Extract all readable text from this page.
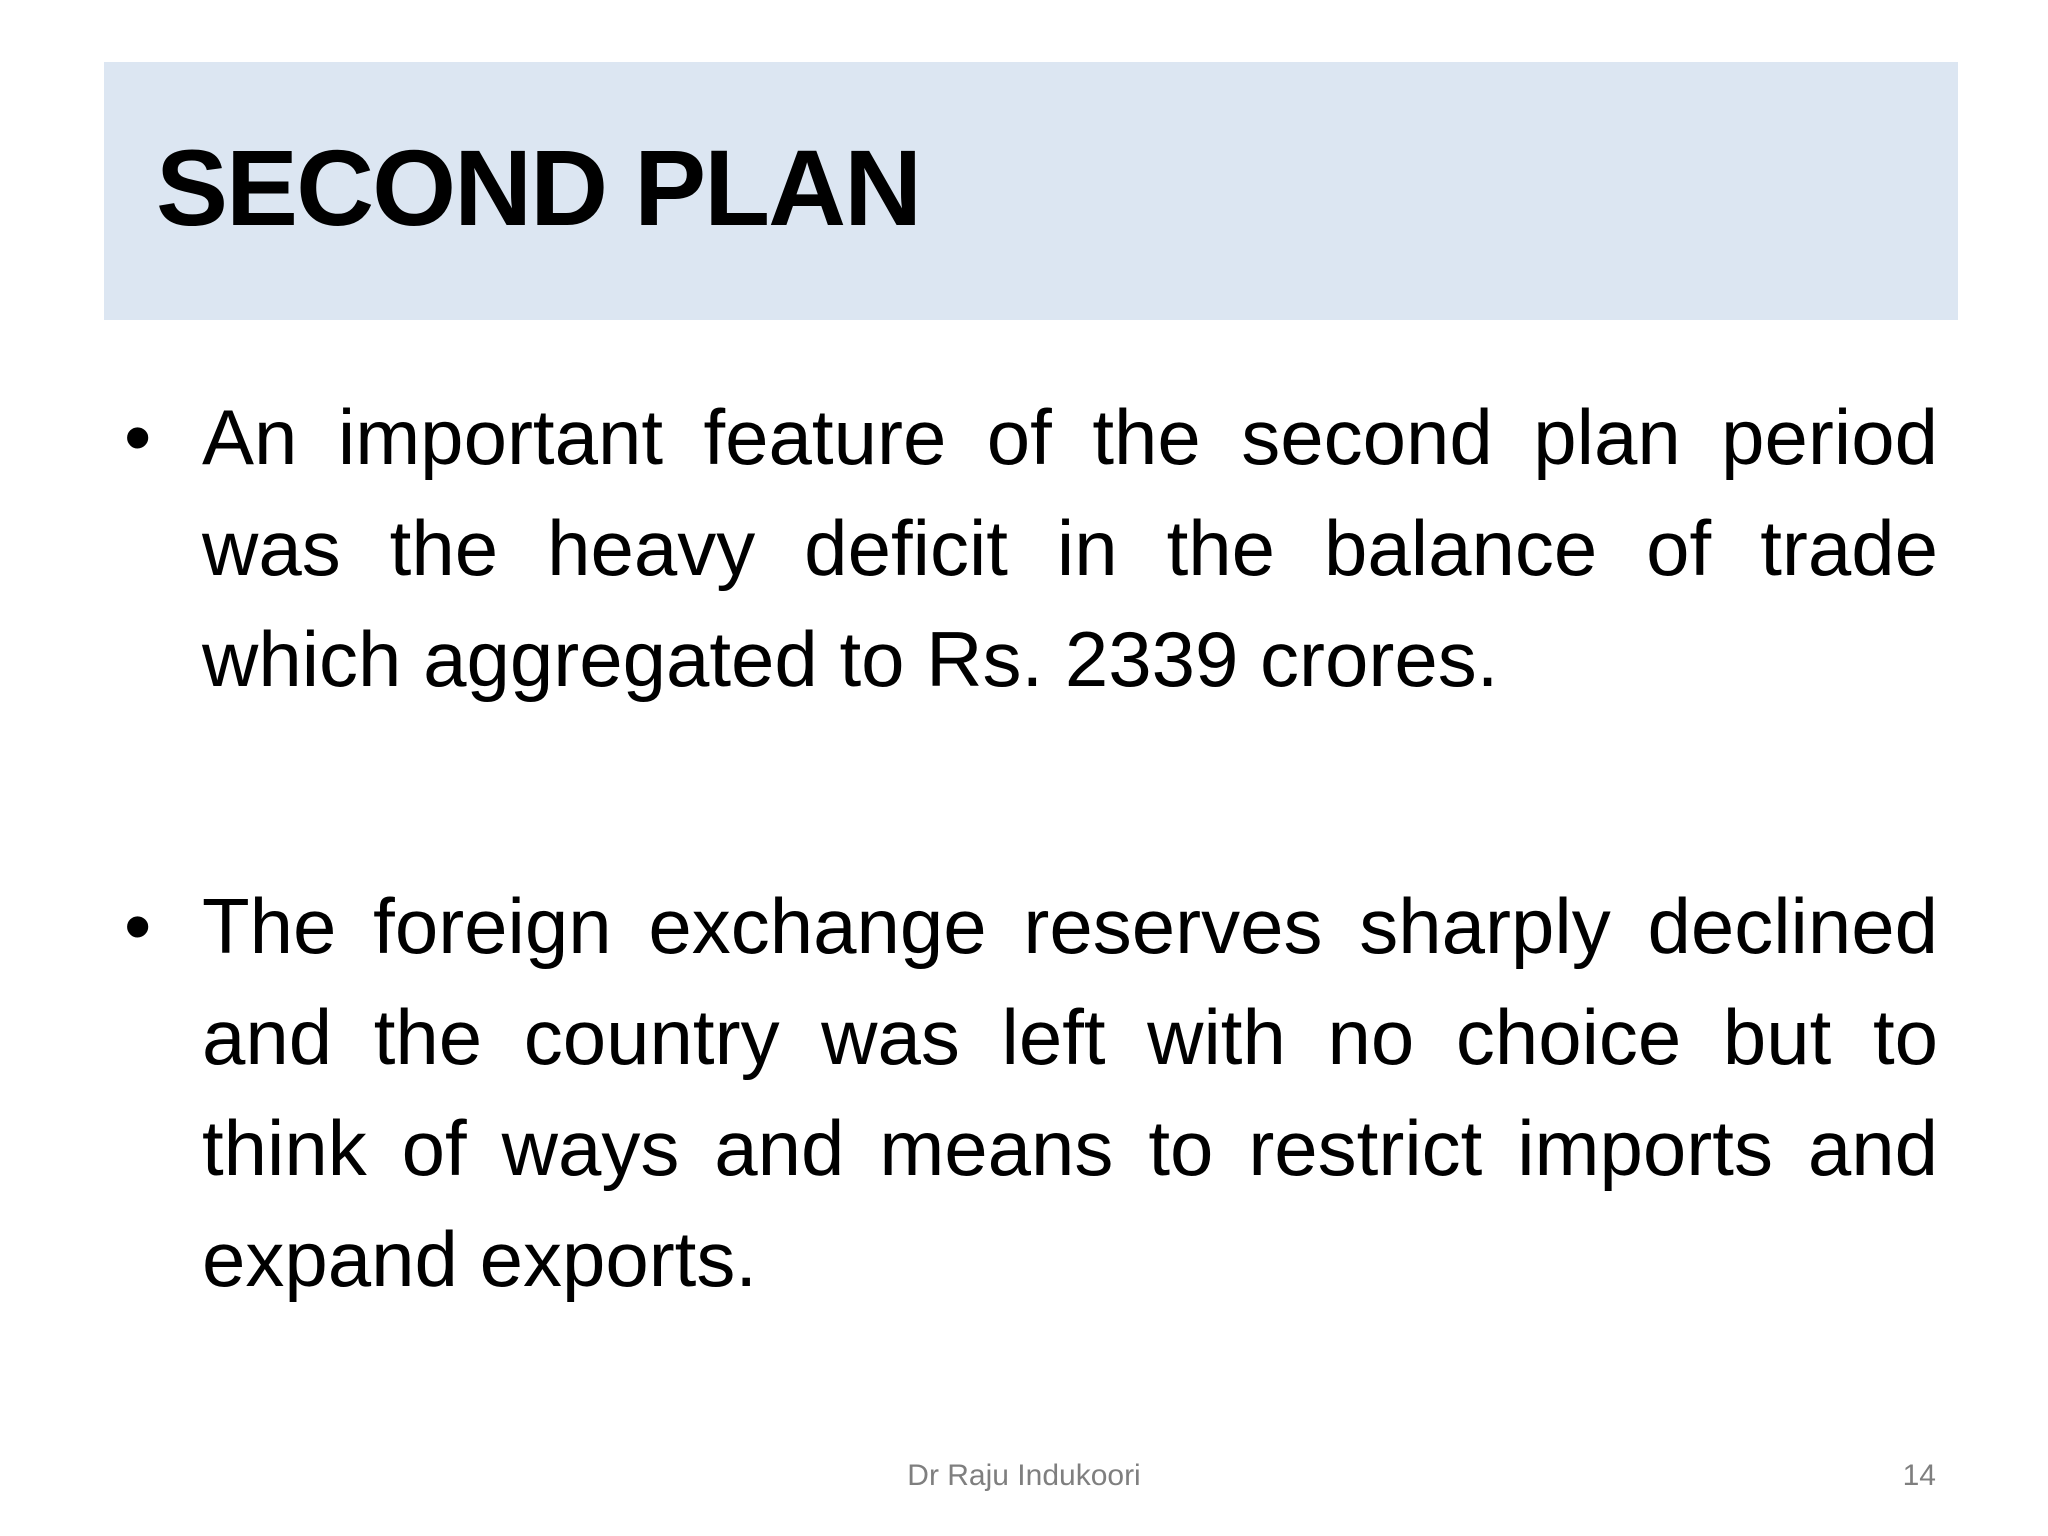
SECOND PLAN
• An important feature of the second plan period was the heavy deficit in the balance of trade which aggregated to Rs. 2339 crores.
• The foreign exchange reserves sharply declined and the country was left with no choice but to think of ways and means to restrict imports and expand exports.
Dr Raju Indukoori	14
